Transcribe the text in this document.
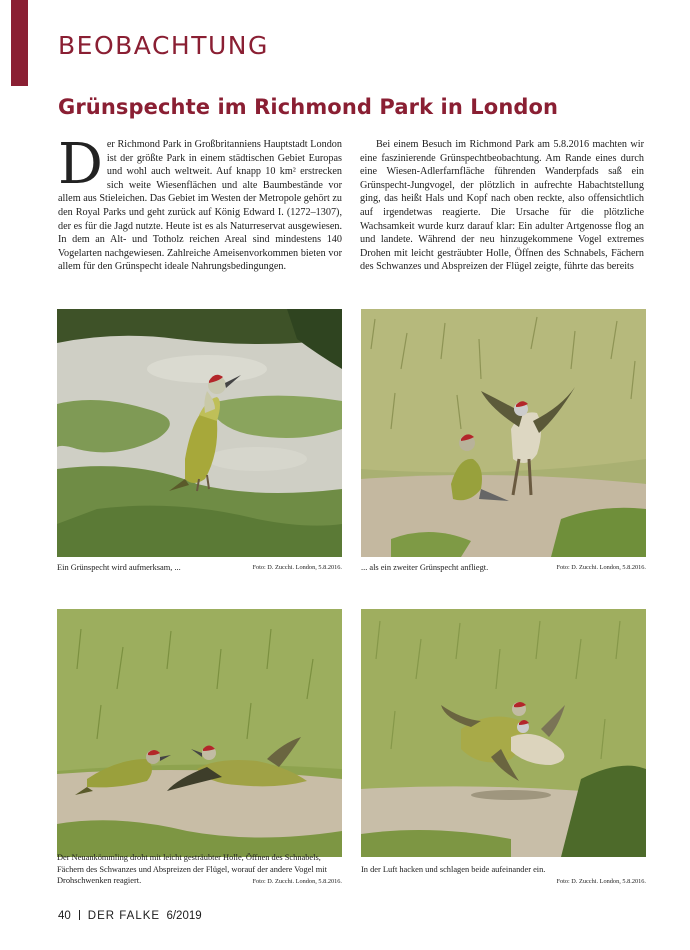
BEOBACHTUNG
Grünspechte im Richmond Park in London
Der Richmond Park in Großbritanniens Hauptstadt London ist der größte Park in einem städtischen Gebiet Europas und wohl auch weltweit. Auf knapp 10 km² erstrecken sich weite Wiesenflächen und alte Baumbestände vor allem aus Stieleichen. Das Gebiet im Westen der Metropole gehört zu den Royal Parks und geht zurück auf König Edward I. (1272–1307), der es für die Jagd nutzte. Heute ist es als Naturreservat ausgewiesen. In dem an Alt- und Totholz reichen Areal sind mindestens 140 Vogelarten nachgewiesen. Zahlreiche Ameisenvorkommen bieten vor allem für den Grünspecht ideale Nahrungsbedingungen.
Bei einem Besuch im Richmond Park am 5.8.2016 machten wir eine faszinierende Grünspechtbeobachtung. Am Rande eines durch eine Wiesen-Adlerfarnfläche führenden Wanderpfads saß ein Grünspecht-Jungvogel, der plötzlich in aufrechte Habachtstellung ging, das heißt Hals und Kopf nach oben reckte, also offensichtlich auf irgendetwas reagierte. Die Ursache für die plötzliche Wachsamkeit wurde kurz darauf klar: Ein adulter Artgenosse flog an und landete. Während der neu hinzugekommene Vogel extremes Drohen mit leicht gesträubter Holle, Öffnen des Schnabels, Fächern des Schwanzes und Abspreizen der Flügel zeigte, führte das bereits
Ein Grünspecht wird aufmerksam, ...	Foto: D. Zucchi. London, 5.8.2016. ... als ein zweiter Grünspecht anfliegt.	Foto: D. Zucchi. London, 5.8.2016.
Der Neuankömmling droht mit leicht gesträubter Holle, Öffnen des Schnabels, Fächern des Schwanzes und Abspreizen der Flügel, worauf der andere Vogel mit Drohschwenken reagiert.	Foto: D. Zucchi. London, 5.8.2016.
In der Luft hacken und schlagen beide aufeinander ein.
Foto: D. Zucchi. London, 5.8.2016.
40 DER FALKE 6/2019
